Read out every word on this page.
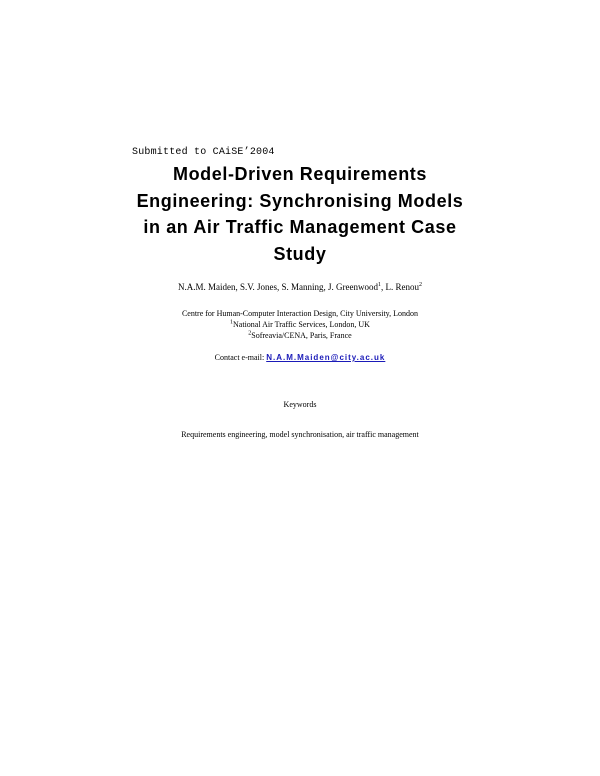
Submitted to CAiSE’2004
Model-Driven Requirements
Engineering: Synchronising Models
in an Air Traffic Management Case
Study
N.A.M. Maiden, S.V. Jones, S. Manning, J. Greenwood$^1$, L. Renou$^2$
Centre for Human-Computer Interaction Design, City University, London
$^1$National Air Traffic Services, London, UK
$^2$Sofreavia/CENA, Paris, France
Contact e-mail: N.A.M.Maiden@city.ac.uk
Keywords
Requirements engineering, model synchronisation, air traffic management
